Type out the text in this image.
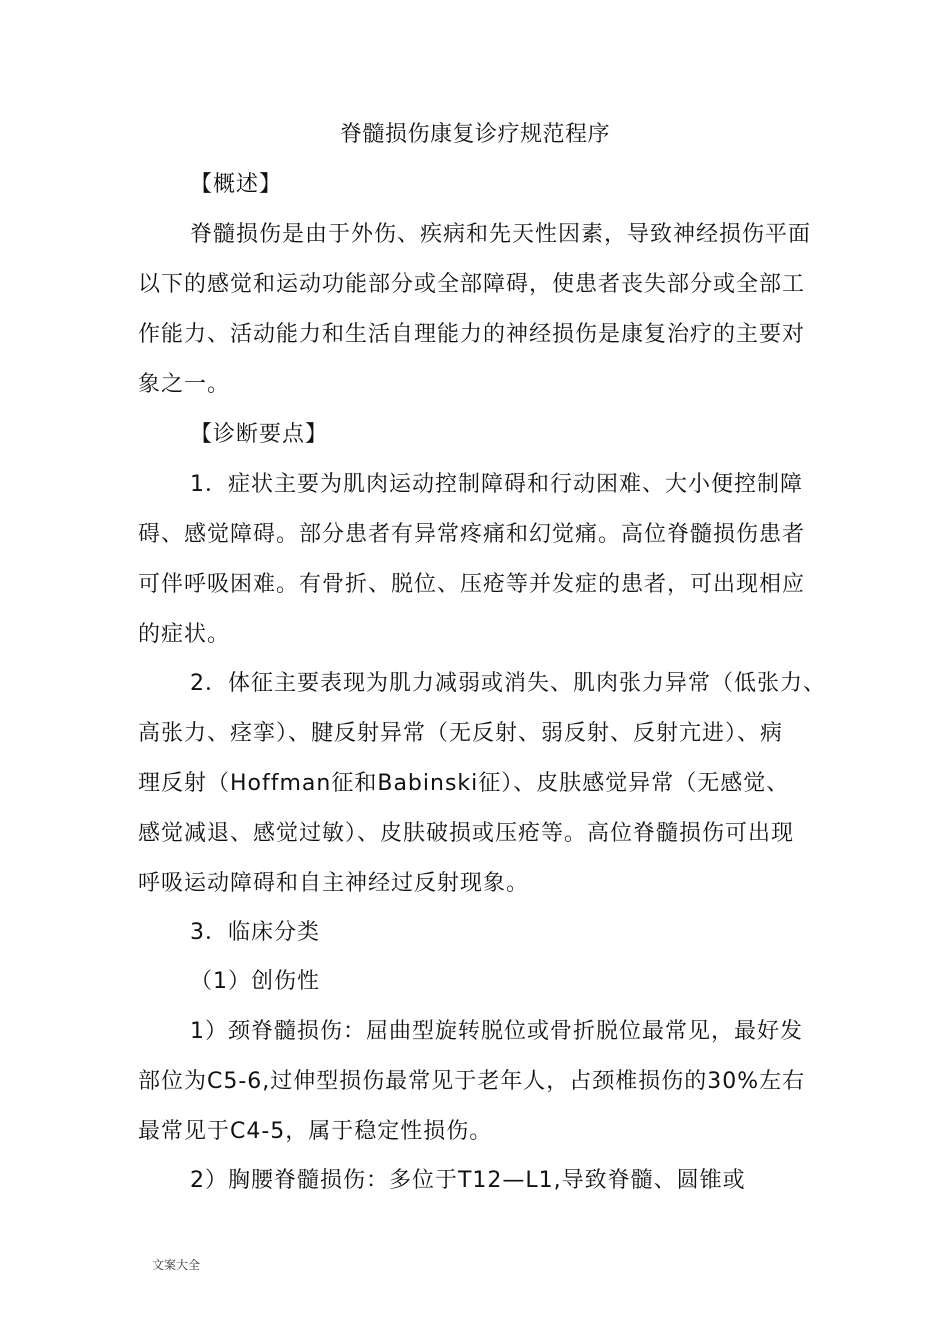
脊髓损伤康复诊疗规范程序
【概述】
脊髓损伤是由于外伤、疾病和先天性因素，导致神经损伤平面
以下的感觉和运动功能部分或全部障碍，使患者丧失部分或全部工
作能力、活动能力和生活自理能力的神经损伤是康复治疗的主要对
象之一。
【诊断要点】
1．症状主要为肌肉运动控制障碍和行动困难、大小便控制障
碍、感觉障碍。部分患者有异常疼痛和幻觉痛。高位脊髓损伤患者
可伴呼吸困难。有骨折、脱位、压疮等并发症的患者，可出现相应
的症状。
2．体征主要表现为肌力减弱或消失、肌肉张力异常（低张力、
高张力、痉挛）、腱反射异常（无反射、弱反射、反射亢进）、病
理反射（Hoffman征和Babinski征）、皮肤感觉异常（无感觉、
感觉减退、感觉过敏）、皮肤破损或压疮等。高位脊髓损伤可出现
呼吸运动障碍和自主神经过反射现象。
3．临床分类
（1）创伤性
1）颈脊髓损伤：屈曲型旋转脱位或骨折脱位最常见，最好发
部位为C5-6,过伸型损伤最常见于老年人，占颈椎损伤的30%左右
最常见于C4-5，属于稳定性损伤。
2）胸腰脊髓损伤：多位于T12—L1,导致脊髓、圆锥或
文案大全
